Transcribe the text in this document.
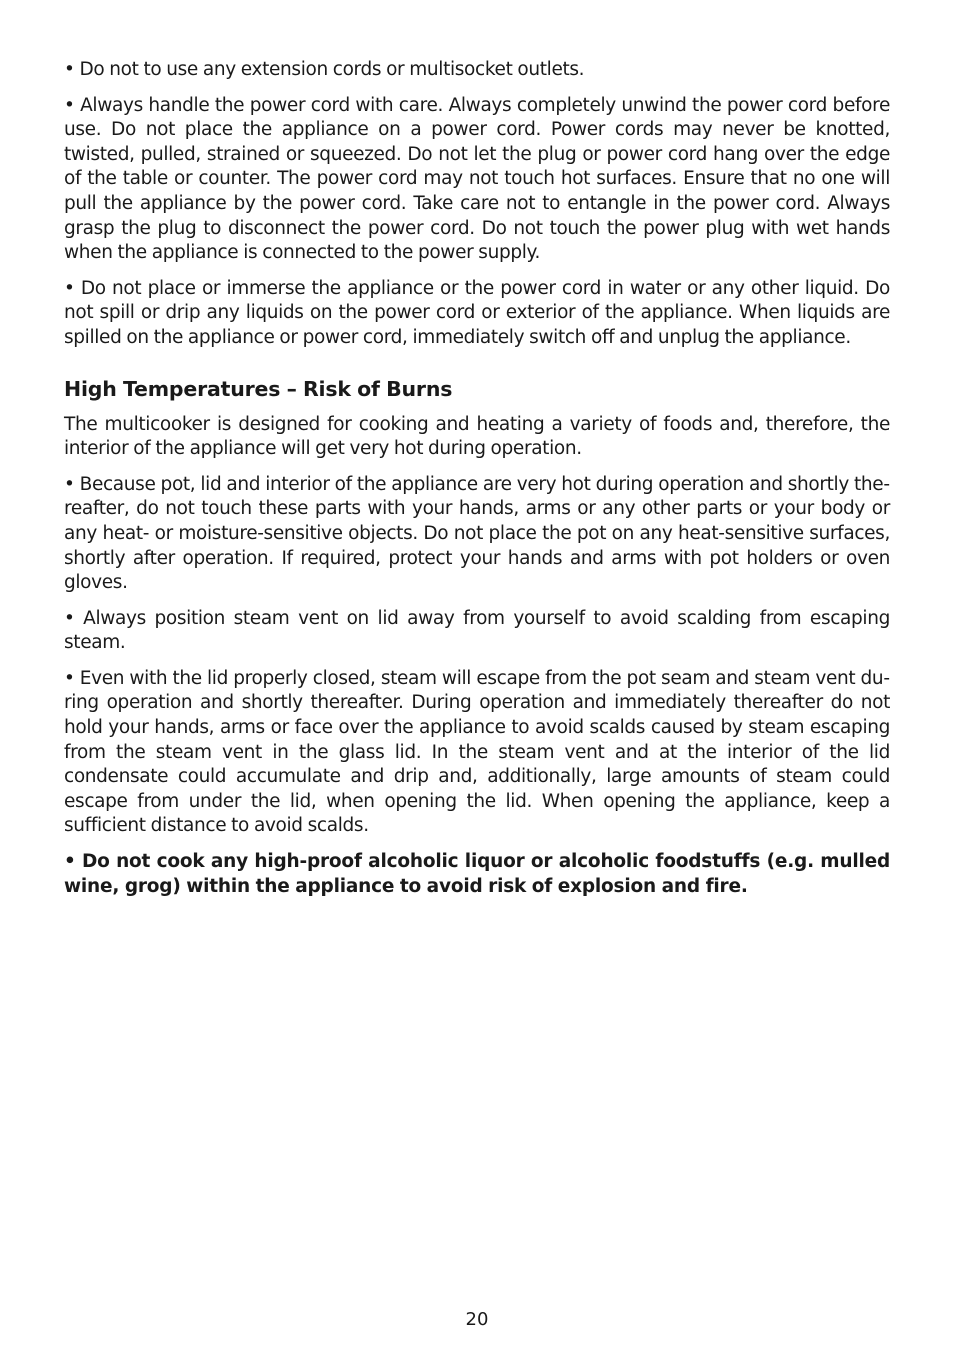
• Do not to use any extension cords or multisocket outlets.

• Always handle the power cord with care. Always completely unwind the power cord before use. Do not place the appliance on a power cord. Power cords may never be knotted, twisted, pulled, strained or squeezed. Do not let the plug or power cord hang over the edge of the table or counter. The power cord may not touch hot surfaces. Ensure that no one will pull the appliance by the power cord. Take care not to entangle in the power cord. Always grasp the plug to disconnect the power cord. Do not touch the power plug with wet hands when the appliance is connected to the power supply.

• Do not place or immerse the appliance or the power cord in water or any other liquid. Do not spill or drip any liquids on the power cord or exterior of the appliance. When liquids are spilled on the appliance or power cord, immediately switch off and unplug the appliance.

High Temperatures – Risk of Burns

The multicooker is designed for cooking and heating a variety of foods and, therefore, the interior of the appliance will get very hot during operation.

• Because pot, lid and interior of the appliance are very hot during operation and shortly thereafter, do not touch these parts with your hands, arms or any other parts or your body or any heat- or moisture-sensitive objects. Do not place the pot on any heat-sensitive surfaces, shortly after operation. If required, protect your hands and arms with pot holders or oven gloves.

• Always position steam vent on lid away from yourself to avoid scalding from escaping steam.

• Even with the lid properly closed, steam will escape from the pot seam and steam vent during operation and shortly thereafter. During operation and immediately thereafter do not hold your hands, arms or face over the appliance to avoid scalds caused by steam escaping from the steam vent in the glass lid. In the steam vent and at the interior of the lid condensate could accumulate and drip and, additionally, large amounts of steam could escape from under the lid, when opening the lid. When opening the appliance, keep a sufficient distance to avoid scalds.

• Do not cook any high-proof alcoholic liquor or alcoholic foodstuffs (e.g. mulled wine, grog) within the appliance to avoid risk of explosion and fire.

20
